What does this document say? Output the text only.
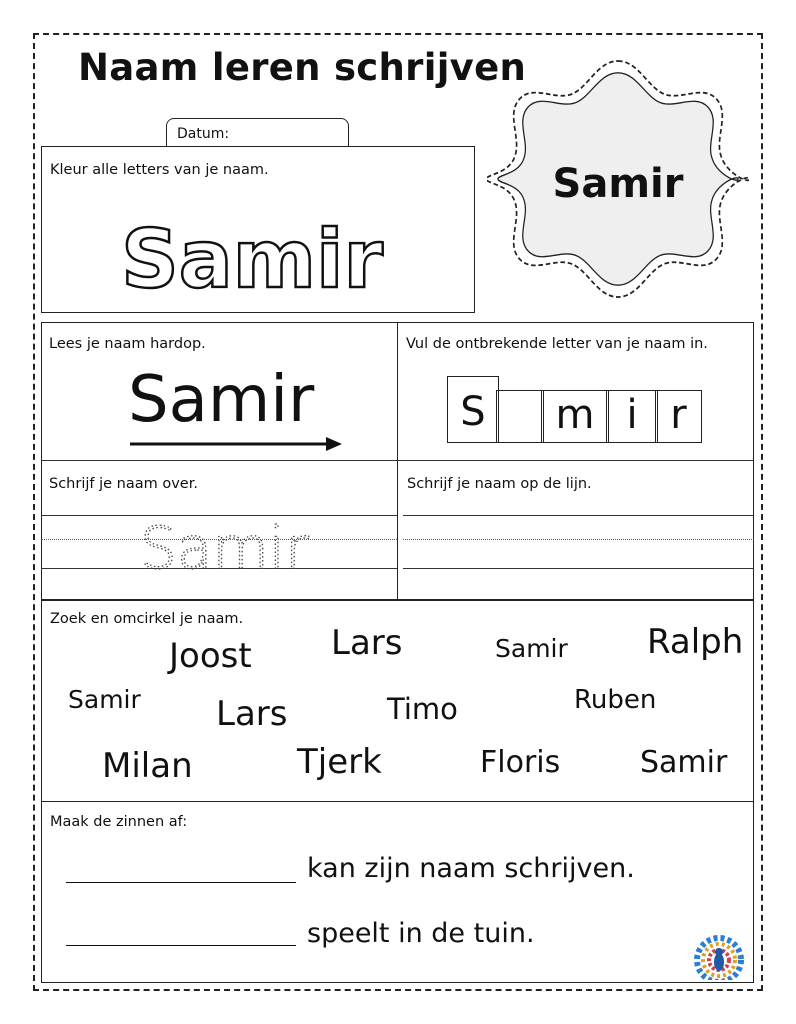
Naam leren schrijven
Datum:
Kleur alle letters van je naam.
Samir
Samir
Lees je naam hardop.
Samir
Vul de ontbrekende letter van je naam in.
S	m i r
Schrijf je naam over.
Samir
Schrijf je naam op de lijn.
Zoek en omcirkel je naam.
Joost Lars	Samir Ralph
Samir Lars	Timo	Ruben
Milan	Tjerk	Floris	Samir
Maak de zinnen af:
kan zijn naam schrijven.
speelt in de tuin.
